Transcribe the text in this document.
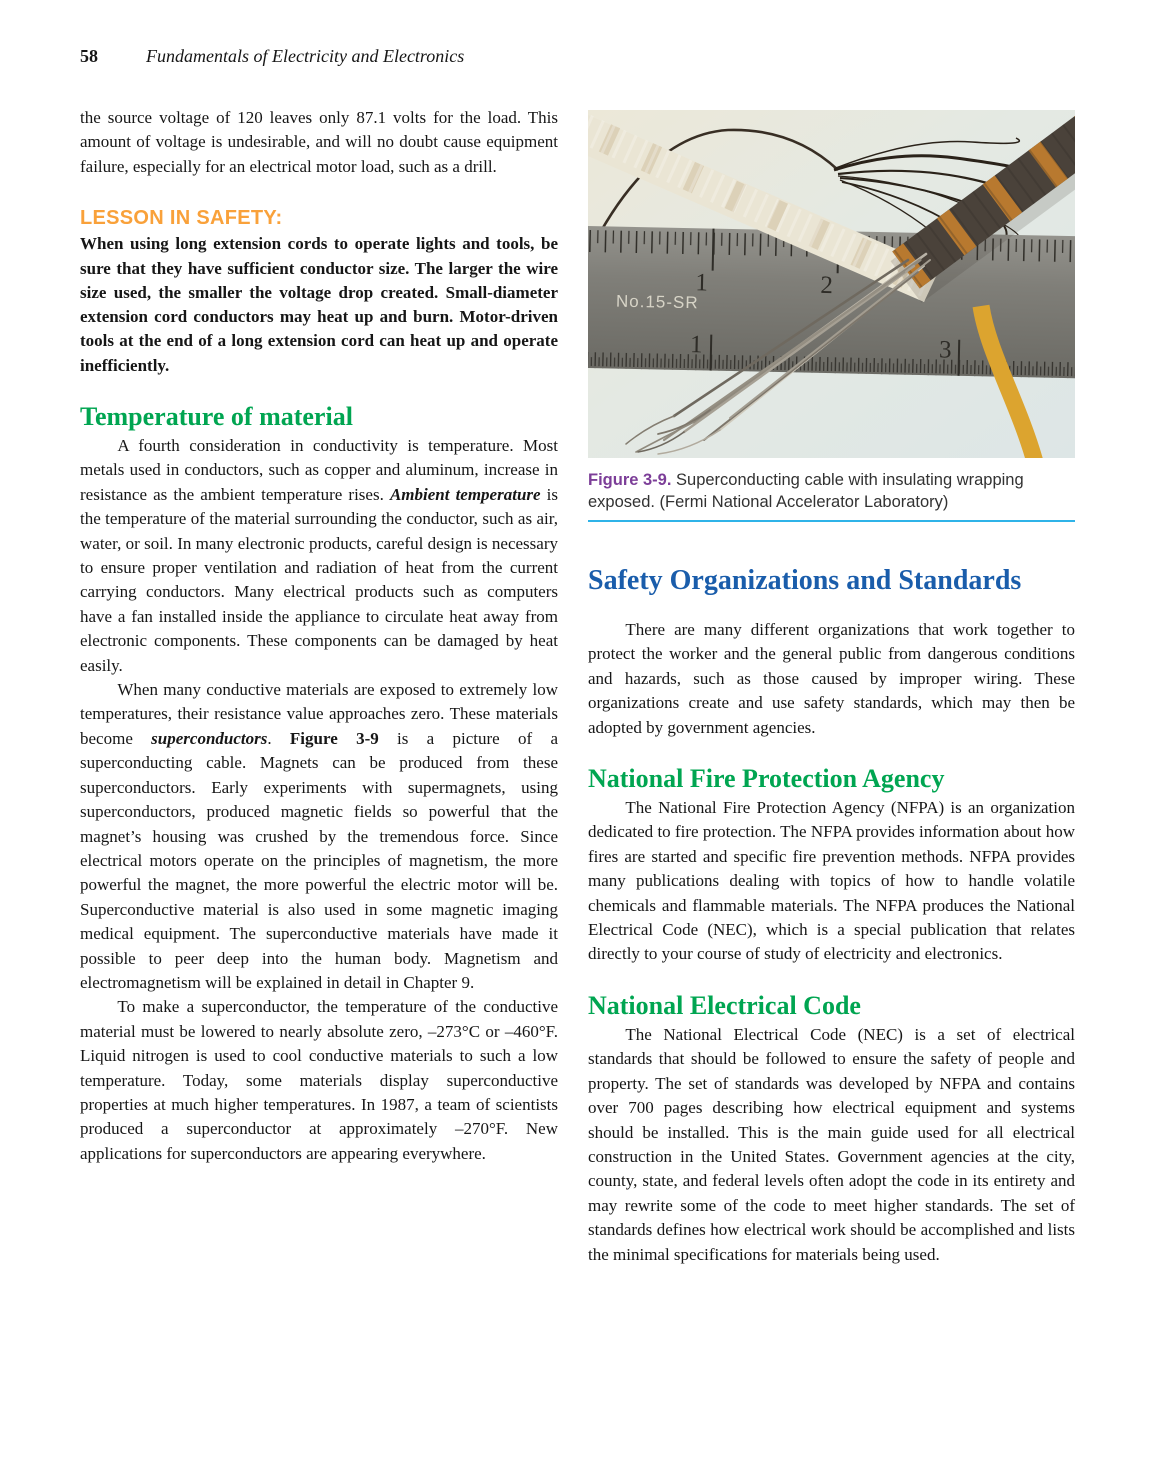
58	Fundamentals of Electricity and Electronics

the source voltage of 120 leaves only 87.1 volts for the load. This amount of voltage is undesirable, and will no doubt cause equipment failure, especially for an electrical motor load, such as a drill.

LESSON IN SAFETY:

When using long extension cords to operate lights and tools, be sure that they have sufficient conductor size. The larger the wire size used, the smaller the voltage drop created. Small-diameter extension cord conductors may heat up and burn. Motor-driven tools at the end of a long extension cord can heat up and operate inefficiently.

Temperature of material

A fourth consideration in conductivity is temperature. Most metals used in conductors, such as copper and aluminum, increase in resistance as the ambient temperature rises. Ambient temperature is the temperature of the material surrounding the conductor, such as air, water, or soil. In many electronic products, careful design is necessary to ensure proper ventilation and radiation of heat from the current carrying conductors. Many electrical products such as computers have a fan installed inside the appliance to circulate heat away from electronic components. These components can be damaged by heat easily.

When many conductive materials are exposed to extremely low temperatures, their resistance value approaches zero. These materials become superconductors. Figure 3-9 is a picture of a superconducting cable. Magnets can be produced from these superconductors. Early experiments with supermagnets, using superconductors, produced magnetic fields so powerful that the magnet’s housing was crushed by the tremendous force. Since electrical motors operate on the principles of magnetism, the more powerful the magnet, the more powerful the electric motor will be. Superconductive material is also used in some magnetic imaging medical equipment. The superconductive materials have made it possible to peer deep into the human body. Magnetism and electromagnetism will be explained in detail in Chapter 9.

To make a superconductor, the temperature of the conductive material must be lowered to nearly absolute zero, –273°C or –460°F. Liquid nitrogen is used to cool conductive materials to such a low temperature. Today, some materials display superconductive properties at much higher temperatures. In 1987, a team of scientists produced a superconductor at approximately –270°F. New applications for superconductors are appearing everywhere.

1	2
1	3
No.15-SR
Figure 3-9. Superconducting cable with insulating wrapping exposed. (Fermi National Accelerator Laboratory)
Safety Organizations and Standards

There are many different organizations that work together to protect the worker and the general public from dangerous conditions and hazards, such as those caused by improper wiring. These organizations create and use safety standards, which may then be adopted by government agencies.

National Fire Protection Agency

The National Fire Protection Agency (NFPA) is an organization dedicated to fire protection. The NFPA provides information about how fires are started and specific fire prevention methods. NFPA provides many publications dealing with topics of how to handle volatile chemicals and flammable materials. The NFPA produces the National Electrical Code (NEC), which is a special publication that relates directly to your course of study of electricity and electronics.

National Electrical Code

The National Electrical Code (NEC) is a set of electrical standards that should be followed to ensure the safety of people and property. The set of standards was developed by NFPA and contains over 700 pages describing how electrical equipment and systems should be installed. This is the main guide used for all electrical construction in the United States. Government agencies at the city, county, state, and federal levels often adopt the code in its entirety and may rewrite some of the code to meet higher standards. The set of standards defines how electrical work should be accomplished and lists the minimal specifications for materials being used.
